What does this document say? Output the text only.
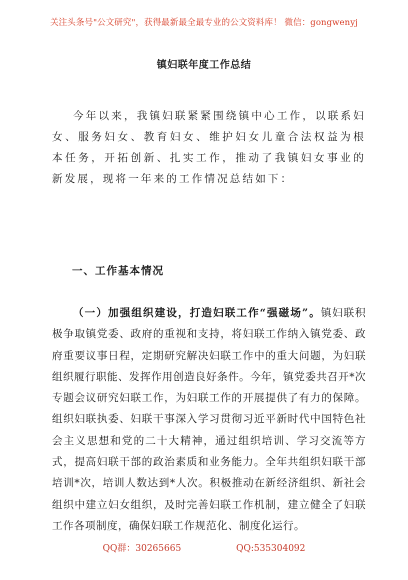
关注头条号"公文研究"，获得最新最全最专业的公文资料库！ 微信：gongwenyj
镇妇联年度工作总结

今年以来，我镇妇联紧紧围绕镇中心工作，以联系妇女、服务妇女、教育妇女、维护妇女儿童合法权益为根本任务，开拓创新、扎实工作，推动了我镇妇女事业的新发展，现将一年来的工作情况总结如下：

一、工作基本情况

（一）加强组织建设，打造妇联工作“强磁场”。镇妇联积极争取镇党委、政府的重视和支持，将妇联工作纳入镇党委、政府重要议事日程，定期研究解决妇联工作中的重大问题，为妇联组织履行职能、发挥作用创造良好条件。今年，镇党委共召开*次专题会议研究妇联工作，为妇联工作的开展提供了有力的保障。组织妇联执委、妇联干事深入学习贯彻习近平新时代中国特色社会主义思想和党的二十大精神，通过组织培训、学习交流等方式，提高妇联干部的政治素质和业务能力。全年共组织妇联干部培训*次，培训人数达到*人次。积极推动在新经济组织、新社会组织中建立妇女组织，及时完善妇联工作机制，建立健全了妇联工作各项制度，确保妇联工作规范化、制度化运行。

QQ群：30265665	QQ:535304092
